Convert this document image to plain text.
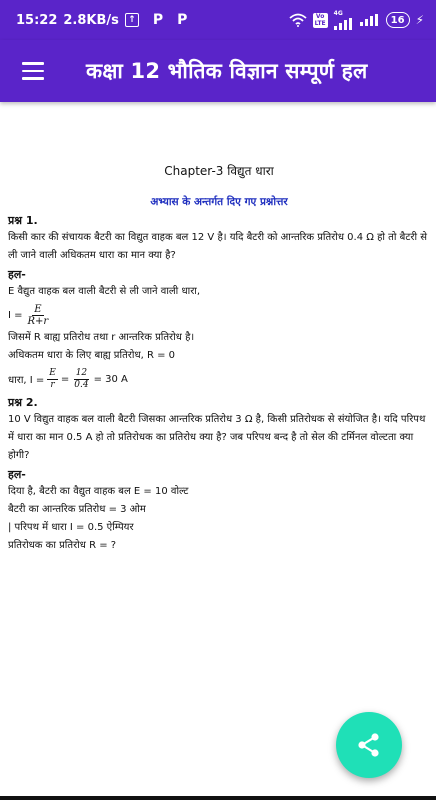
15:22 2.8KB/s	↑ P P	Vo
LTE
4G
16 ⚡
कक्षा 12 भौतिक विज्ञान सम्पूर्ण हल
Chapter-3 विद्युत धारा
अभ्यास के अन्तर्गत दिए गए प्रश्नोत्तर
प्रश्न 1.
किसी कार की संचायक बैटरी का विद्युत वाहक बल 12 V है। यदि बैटरी को आन्तरिक प्रतिरोध 0.4 Ω हो तो बैटरी से ली जाने वाली अधिकतम धारा का मान क्या है?
हल-
E वैद्युत वाहक बल वाली बैटरी से ली जाने वाली धारा,
$I = \frac{E}{R+r}$
जिसमें R बाह्य प्रतिरोध तथा r आन्तरिक प्रतिरोध है।
अधिकतम धारा के लिए बाह्य प्रतिरोध, R = 0
धारा, $I = \frac{E}{r} = \frac{12}{0.4} = 30$ A
प्रश्न 2.
10 V विद्युत वाहक बल वाली बैटरी जिसका आन्तरिक प्रतिरोध 3 Ω है, किसी प्रतिरोधक से संयोजित है। यदि परिपथ में धारा का मान 0.5 A हो तो प्रतिरोधक का प्रतिरोध क्या है? जब परिपथ बन्द है तो सेल की टर्मिनल वोल्टता क्या होगी?
हल-
दिया है, बैटरी का वैद्युत वाहक बल E = 10 वोल्ट
बैटरी का आन्तरिक प्रतिरोध = 3 ओम
| परिपथ में धारा I = 0.5 ऐम्पियर
प्रतिरोधक का प्रतिरोध R = ?
